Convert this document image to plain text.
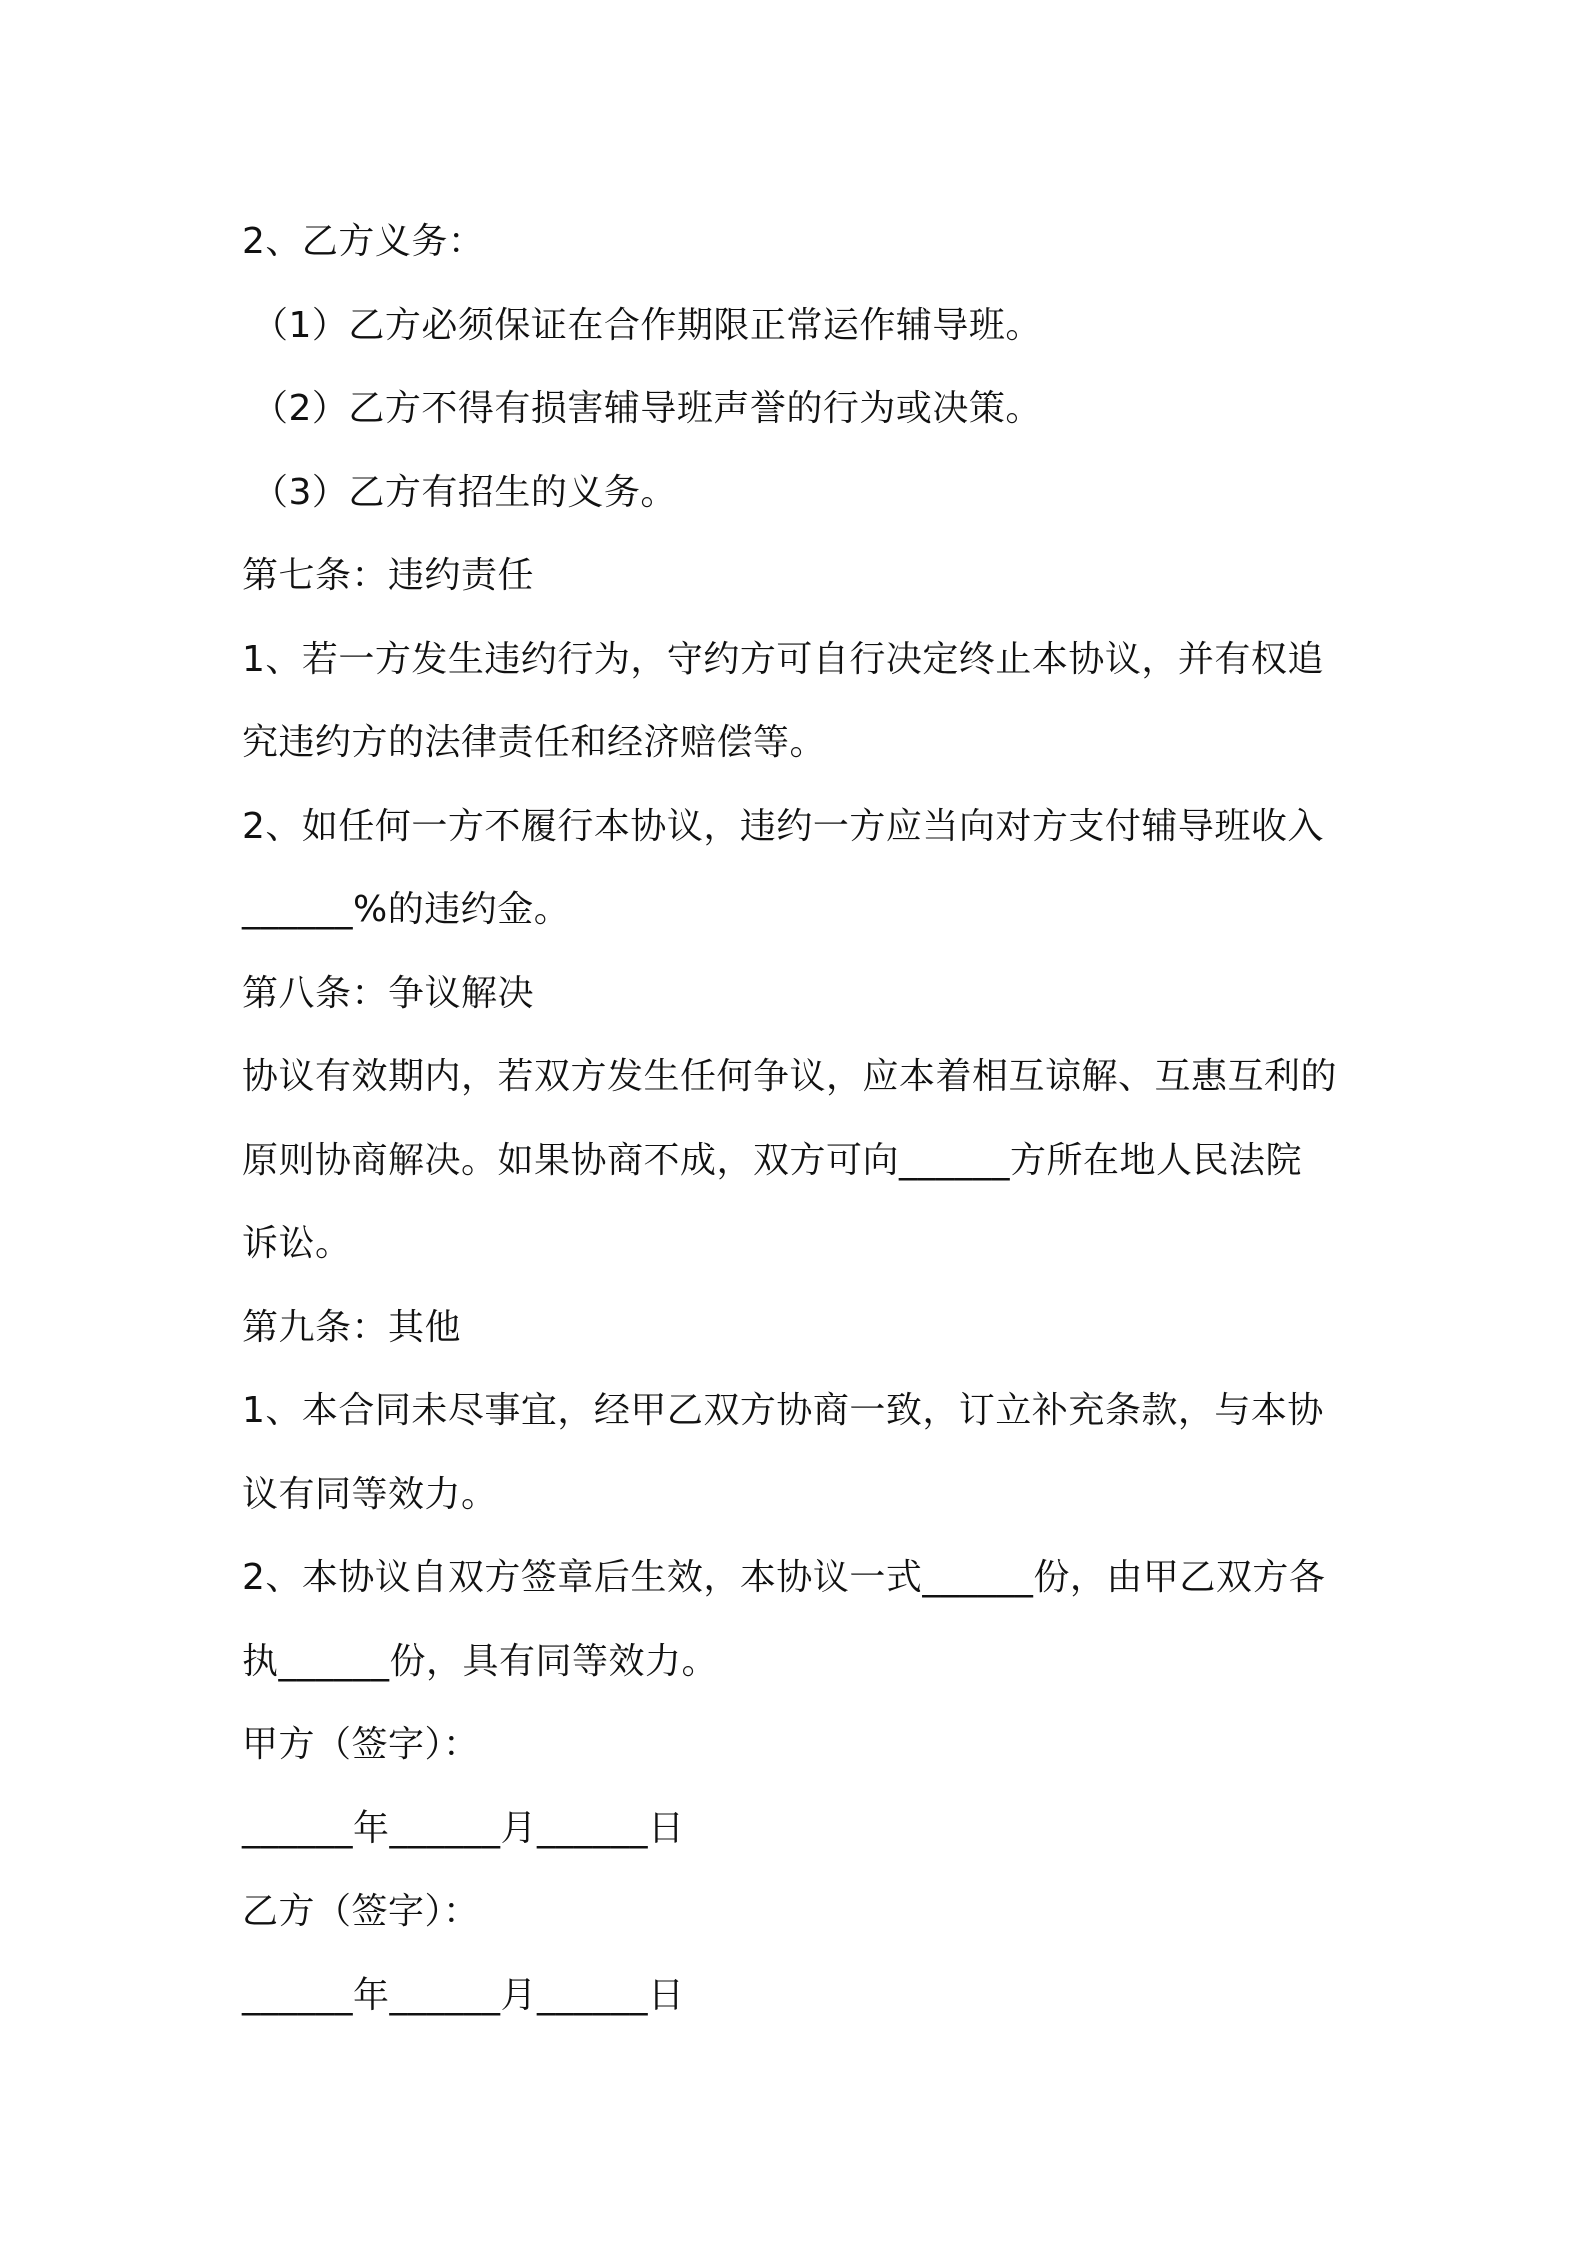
2、乙方义务：
（1）乙方必须保证在合作期限正常运作辅导班。
（2）乙方不得有损害辅导班声誉的行为或决策。
（3）乙方有招生的义务。
第七条：违约责任
1、若一方发生违约行为，守约方可自行决定终止本协议，并有权追
究违约方的法律责任和经济赔偿等。
2、如任何一方不履行本协议，违约一方应当向对方支付辅导班收入
______%的违约金。
第八条：争议解决
协议有效期内，若双方发生任何争议，应本着相互谅解、互惠互利的
原则协商解决。如果协商不成，双方可向______方所在地人民法院
诉讼。
第九条：其他
1、本合同未尽事宜，经甲乙双方协商一致，订立补充条款，与本协
议有同等效力。
2、本协议自双方签章后生效，本协议一式______份，由甲乙双方各
执______份，具有同等效力。
甲方（签字）：
______年______月______日
乙方（签字）：
______年______月______日
